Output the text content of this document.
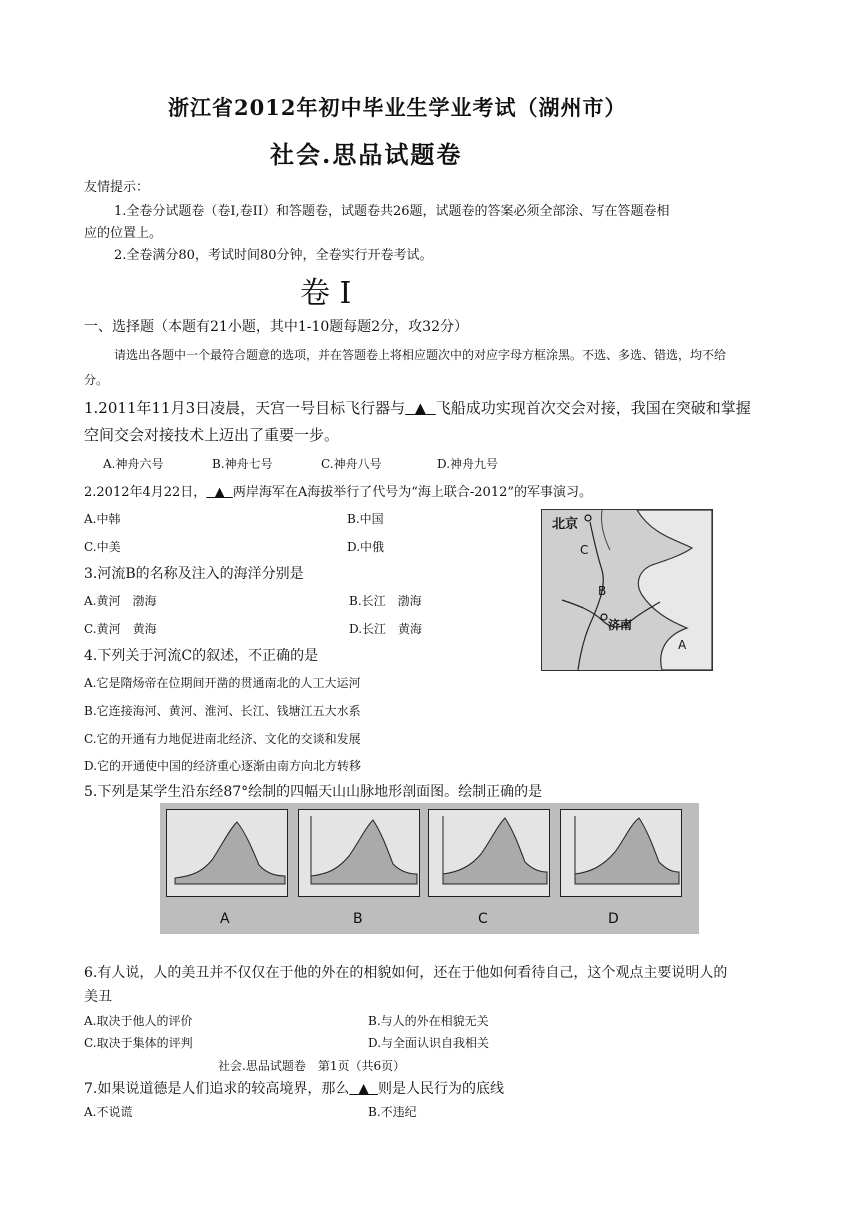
浙江省2012年初中毕业生学业考试（湖州市）
社会.思品试题卷
友情提示：
1.全卷分试题卷（卷I,卷II）和答题卷，试题卷共26题，试题卷的答案必须全部涂、写在答题卷相
应的位置上。
2.全卷满分80，考试时间80分钟，全卷实行开卷考试。
卷 I
一、选择题（本题有21小题，其中1-10题每题2分，攻32分）
请选出各题中一个最符合题意的选项，并在答题卷上将相应题次中的对应字母方框涂黑。不选、多选、错选，均不给
分。
1.2011年11月3日凌晨，天宫一号目标飞行器与 ▲ 飞船成功实现首次交会对接，我国在突破和掌握
空间交会对接技术上迈出了重要一步。
A.神舟六号	B.神舟七号	C.神舟八号	D.神舟九号
2.2012年4月22日， ▲ 两岸海军在A海拔举行了代号为“海上联合-2012”的军事演习。
A.中韩	B.中国
C.中美	D.中俄
3.河流B的名称及注入的海洋分别是
A.黄河　渤海	B.长江　渤海
C.黄河　黄海	D.长江　黄海
北京
C
B
济南
A
4.下列关于河流C的叙述，不正确的是
A.它是隋炀帝在位期间开凿的贯通南北的人工大运河
B.它连接海河、黄河、淮河、长江、钱塘江五大水系
C.它的开通有力地促进南北经济、文化的交谈和发展
D.它的开通使中国的经济重心逐渐由南方向北方转移
5.下列是某学生沿东经87°绘制的四幅天山山脉地形剖面图。绘制正确的是
A	B	C	D
6.有人说，人的美丑并不仅仅在于他的外在的相貌如何，还在于他如何看待自己，这个观点主要说明人的
美丑
A.取决于他人的评价	B.与人的外在相貌无关
C.取决于集体的评判	D.与全面认识自我相关
社会.思品试题卷　第1页（共6页）
7.如果说道德是人们追求的较高境界，那么 ▲ 则是人民行为的底线
A.不说谎	B.不违纪
